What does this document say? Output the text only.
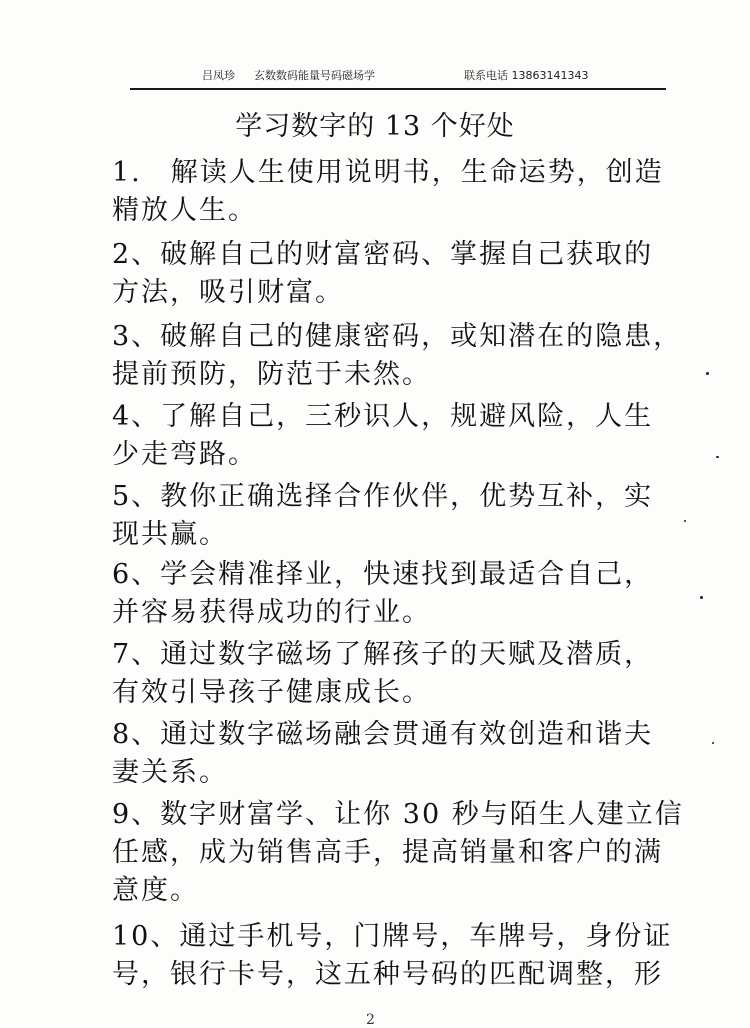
吕凤珍 玄数数码能量号码磁场学	联系电话 13863141343
学习数字的 13 个好处
1.　解读人生使用说明书，生命运势，创造
精放人生。
2、破解自己的财富密码、掌握自己获取的
方法，吸引财富。
3、破解自己的健康密码，或知潜在的隐患，
提前预防，防范于未然。
4、了解自己，三秒识人，规避风险，人生
少走弯路。
5、教你正确选择合作伙伴，优势互补，实
现共赢。
6、学会精准择业，快速找到最适合自己，
并容易获得成功的行业。
7、通过数字磁场了解孩子的天赋及潜质，
有效引导孩子健康成长。
8、通过数字磁场融会贯通有效创造和谐夫
妻关系。
9、数字财富学、让你 30 秒与陌生人建立信
任感，成为销售高手，提高销量和客户的满
意度。
10、通过手机号，门牌号，车牌号，身份证
号，银行卡号，这五种号码的匹配调整，形
2
